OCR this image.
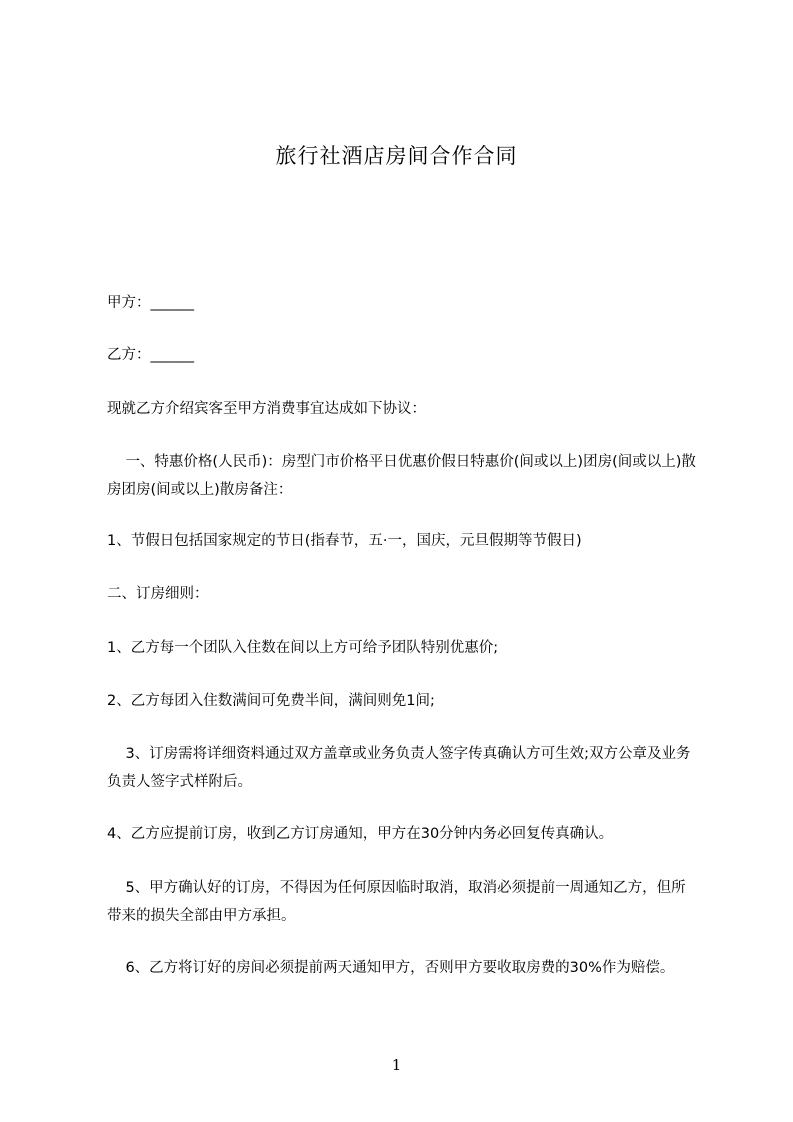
旅行社酒店房间合作合同

甲方：______

乙方：______

现就乙方介绍宾客至甲方消费事宜达成如下协议：

一、特惠价格(人民币)：房型门市价格平日优惠价假日特惠价(间或以上)团房(间或以上)散房团房(间或以上)散房备注：

1、节假日包括国家规定的节日(指春节，五·一，国庆，元旦假期等节假日)

二、订房细则：

1、乙方每一个团队入住数在间以上方可给予团队特别优惠价;

2、乙方每团入住数满间可免费半间，满间则免1间;

3、订房需将详细资料通过双方盖章或业务负责人签字传真确认方可生效;双方公章及业务负责人签字式样附后。

4、乙方应提前订房，收到乙方订房通知，甲方在30分钟内务必回复传真确认。

5、甲方确认好的订房，不得因为任何原因临时取消，取消必须提前一周通知乙方，但所带来的损失全部由甲方承担。

6、乙方将订好的房间必须提前两天通知甲方，否则甲方要收取房费的30%作为赔偿。

1
